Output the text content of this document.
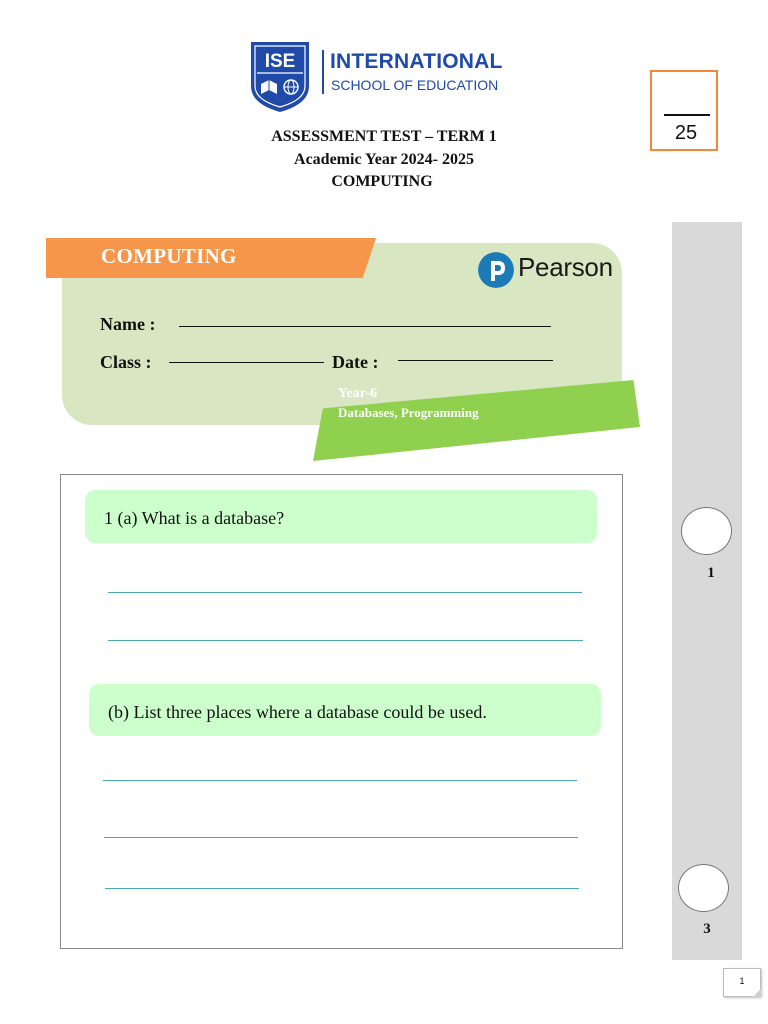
ISE INTERNATIONAL
SCHOOL OF EDUCATION
25
ASSESSMENT TEST – TERM 1
Academic Year 2024- 2025
COMPUTING
COMPUTING	Pearson
Name :
Class :	Date :
Year-6
Databases, Programming
1 (a) What is a database?
(b) List three places where a database could be used.
1
3
1
